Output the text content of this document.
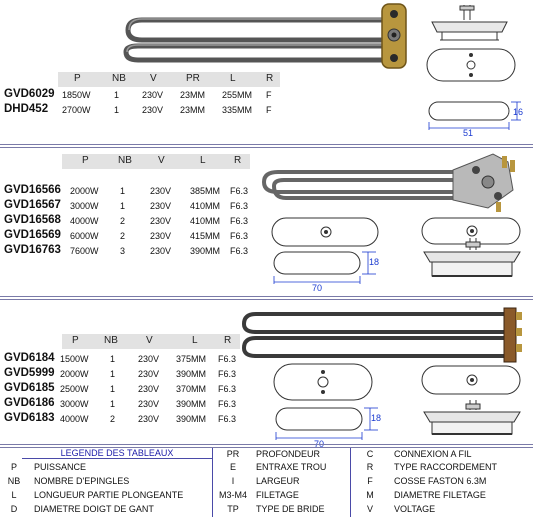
51
16
P	NB V	PR	L	R
GVD6029 1850W	1	230V 23MM 255MM F
DHD452 2700W	1	230V 23MM 335MM F
70
18
P	NB	V	L	R
GVD16566 2000W 1	230V 385MM F6.3
GVD16567 3000W 1	230V 410MM F6.3
GVD16568 4000W 2	230V 410MM F6.3
GVD16569 6000W 2	230V 415MM F6.3
GVD16763 7600W 3	230V 390MM F6.3
70
18
P	NB	V	L	R
GVD6184 1500W 1	230V 375MM F6.3
GVD5999 2000W 1	230V 390MM F6.3
GVD6185 2500W 1	230V 370MM F6.3
GVD6186 3000W 1	230V 390MM F6.3
GVD6183 4000W 2	230V 390MM F6.3
LEGENDE DES TABLEAUX
P	PUISSANCE
NB	NOMBRE D'EPINGLES
L	LONGUEUR PARTIE PLONGEANTE
D	DIAMETRE DOIGT DE GANT
PR	PROFONDEUR
E	ENTRAXE TROU
I	LARGEUR
M3-M4	FILETAGE
TP	TYPE DE BRIDE
C	CONNEXION A FIL
R	TYPE RACCORDEMENT
F	COSSE FASTON 6.3M
M	DIAMETRE FILETAGE
V	VOLTAGE
